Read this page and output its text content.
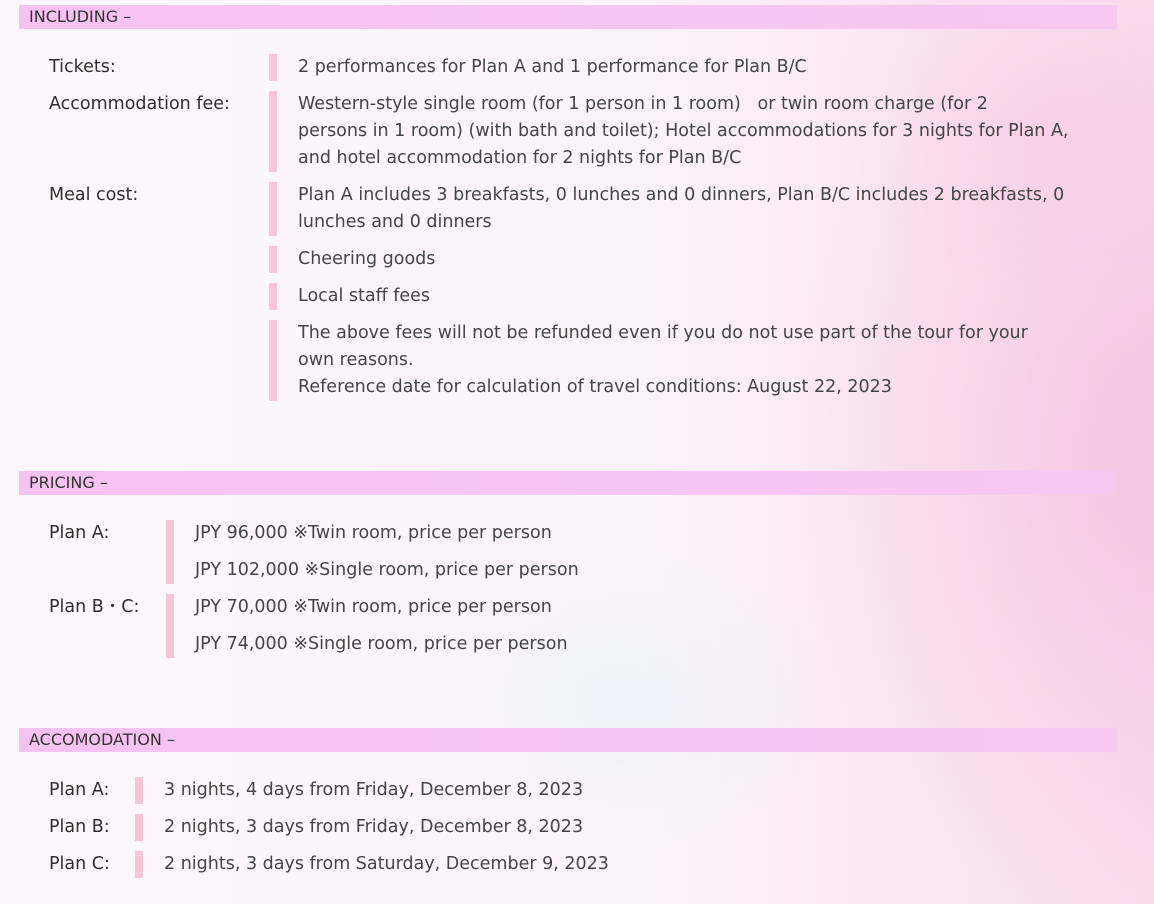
INCLUDING –
Tickets:	2 performances for Plan A and 1 performance for Plan B/C
Accommodation fee:	Western-style single room (for 1 person in 1 room)   or twin room charge (for 2
persons in 1 room) (with bath and toilet); Hotel accommodations for 3 nights for Plan A,
and hotel accommodation for 2 nights for Plan B/C
Meal cost:	Plan A includes 3 breakfasts, 0 lunches and 0 dinners, Plan B/C includes 2 breakfasts, 0
lunches and 0 dinners
Cheering goods
Local staff fees
The above fees will not be refunded even if you do not use part of the tour for your
own reasons.
Reference date for calculation of travel conditions: August 22, 2023
PRICING –
Plan A:	JPY 96,000 ※Twin room, price per person
JPY 102,000 ※Single room, price per person
Plan B・C:	JPY 70,000 ※Twin room, price per person
JPY 74,000 ※Single room, price per person
ACCOMODATION –
Plan A:	3 nights, 4 days from Friday, December 8, 2023
Plan B:	2 nights, 3 days from Friday, December 8, 2023
Plan C:	2 nights, 3 days from Saturday, December 9, 2023
